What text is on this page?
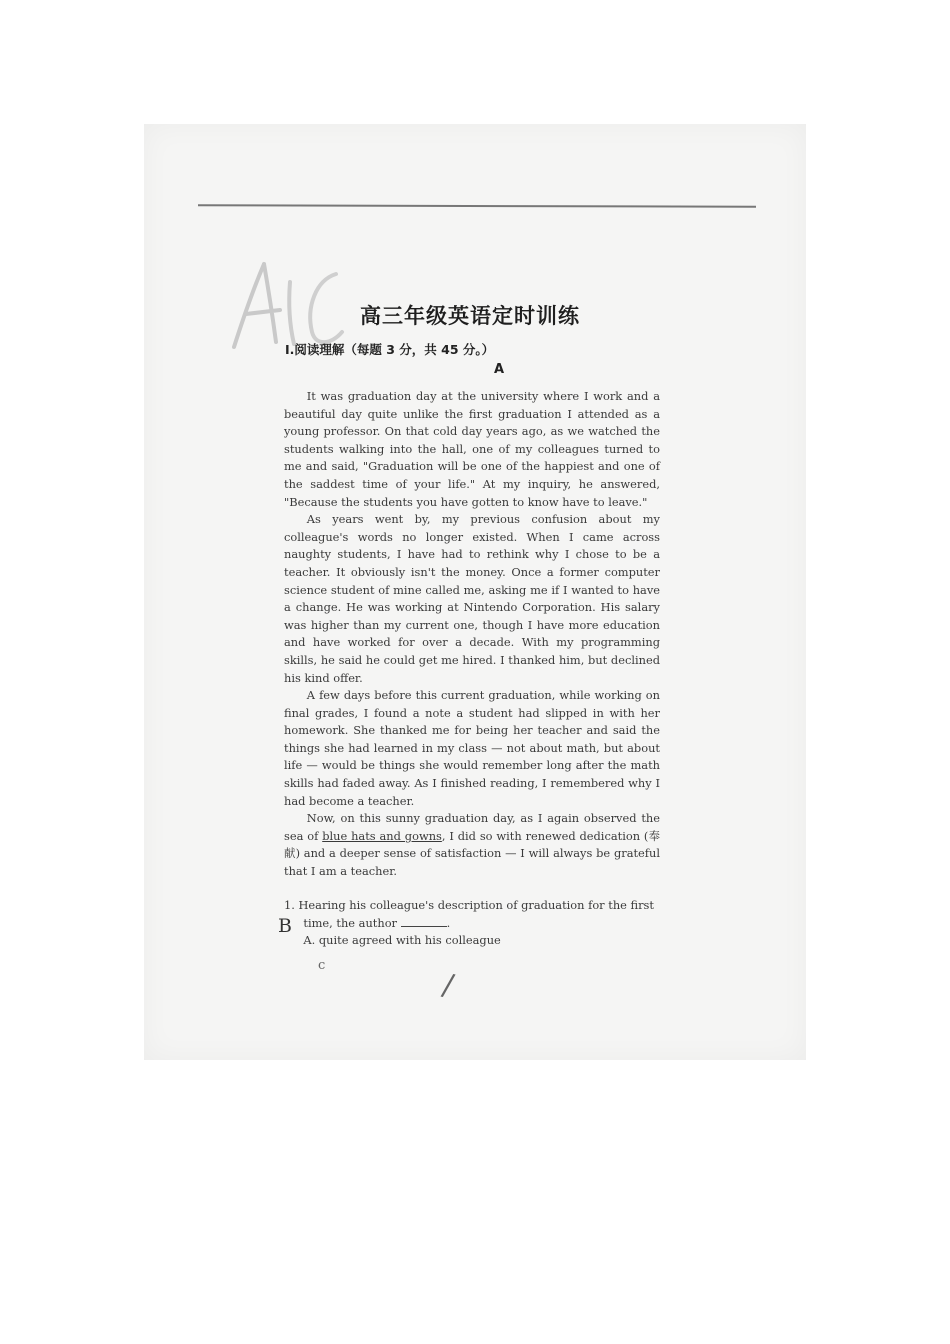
高三年级英语定时训练
Ⅰ.阅读理解（每题 3 分，共 45 分。）
A

It was graduation day at the university where I work and a beautiful day quite unlike the first graduation I attended as a young professor. On that cold day years ago, as we watched the students walking into the hall, one of my colleagues turned to me and said, "Graduation will be one of the happiest and one of the saddest time of your life." At my inquiry, he answered, "Because the students you have gotten to know have to leave."

As years went by, my previous confusion about my colleague's words no longer existed. When I came across naughty students, I have had to rethink why I chose to be a teacher. It obviously isn't the money. Once a former computer science student of mine called me, asking me if I wanted to have a change. He was working at Nintendo Corporation. His salary was higher than my current one, though I have more education and have worked for over a decade. With my programming skills, he said he could get me hired. I thanked him, but declined his kind offer.

A few days before this current graduation, while working on final grades, I found a note a student had slipped in with her homework. She thanked me for being her teacher and said the things she had learned in my class — not about math, but about life — would be things she would remember long after the math skills had faded away. As I finished reading, I remembered why I had become a teacher.

Now, on this sunny graduation day, as I again observed the sea of blue hats and gowns, I did so with renewed dedication (奉献) and a deeper sense of satisfaction — I will always be grateful that I am a teacher.

1. Hearing his colleague's description of graduation for the first time, the author	.
A. quite agreed with his colleague
B
c
/
